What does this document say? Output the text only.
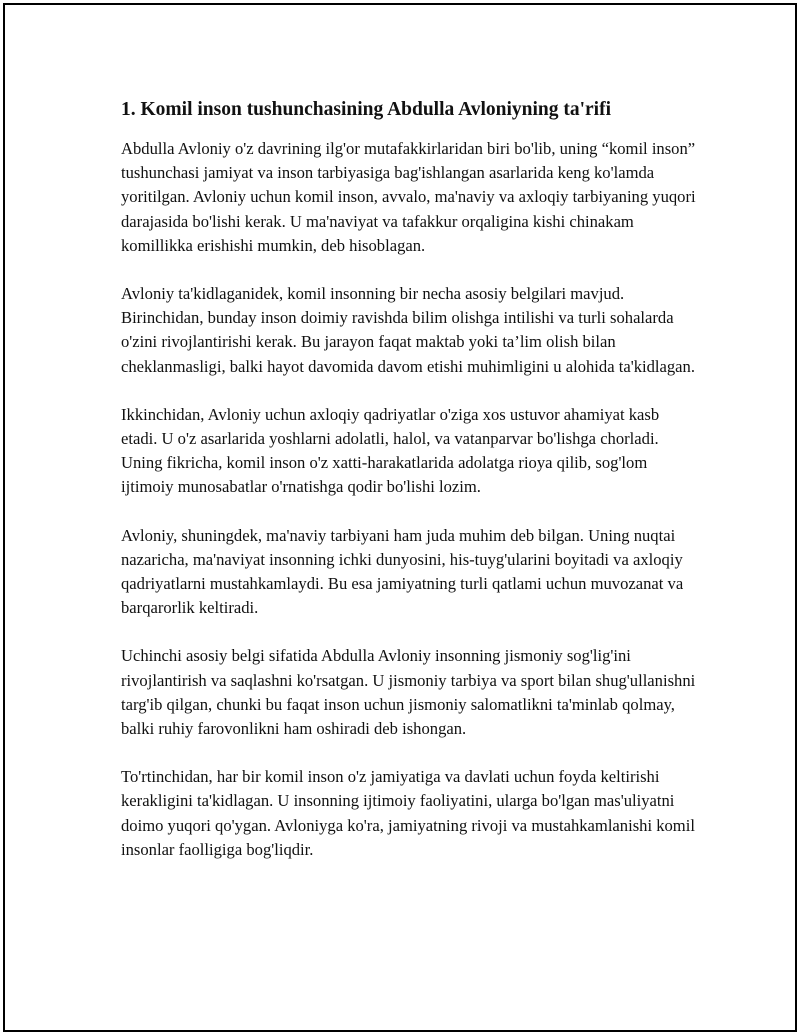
1. Komil inson tushunchasining Abdulla Avloniyning ta'rifi

Abdulla Avloniy o'z davrining ilg'or mutafakkirlaridan biri bo'lib, uning “komil inson” tushunchasi jamiyat va inson tarbiyasiga bag'ishlangan asarlarida keng ko'lamda yoritilgan. Avloniy uchun komil inson, avvalo, ma'naviy va axloqiy tarbiyaning yuqori darajasida bo'lishi kerak. U ma'naviyat va tafakkur orqaligina kishi chinakam komillikka erishishi mumkin, deb hisoblagan.

Avloniy ta'kidlaganidek, komil insonning bir necha asosiy belgilari mavjud. Birinchidan, bunday inson doimiy ravishda bilim olishga intilishi va turli sohalarda o'zini rivojlantirishi kerak. Bu jarayon faqat maktab yoki ta’lim olish bilan cheklanmasligi, balki hayot davomida davom etishi muhimligini u alohida ta'kidlagan.

Ikkinchidan, Avloniy uchun axloqiy qadriyatlar o'ziga xos ustuvor ahamiyat kasb etadi. U o'z asarlarida yoshlarni adolatli, halol, va vatanparvar bo'lishga chorladi. Uning fikricha, komil inson o'z xatti-harakatlarida adolatga rioya qilib, sog'lom ijtimoiy munosabatlar o'rnatishga qodir bo'lishi lozim.

Avloniy, shuningdek, ma'naviy tarbiyani ham juda muhim deb bilgan. Uning nuqtai nazaricha, ma'naviyat insonning ichki dunyosini, his-tuyg'ularini boyitadi va axloqiy qadriyatlarni mustahkamlaydi. Bu esa jamiyatning turli qatlami uchun muvozanat va barqarorlik keltiradi.

Uchinchi asosiy belgi sifatida Abdulla Avloniy insonning jismoniy sog'lig'ini rivojlantirish va saqlashni ko'rsatgan. U jismoniy tarbiya va sport bilan shug'ullanishni targ'ib qilgan, chunki bu faqat inson uchun jismoniy salomatlikni ta'minlab qolmay, balki ruhiy farovonlikni ham oshiradi deb ishongan.

To'rtinchidan, har bir komil inson o'z jamiyatiga va davlati uchun foyda keltirishi kerakligini ta'kidlagan. U insonning ijtimoiy faoliyatini, ularga bo'lgan mas'uliyatni doimo yuqori qo'ygan. Avloniyga ko'ra, jamiyatning rivoji va mustahkamlanishi komil insonlar faolligiga bog'liqdir.
